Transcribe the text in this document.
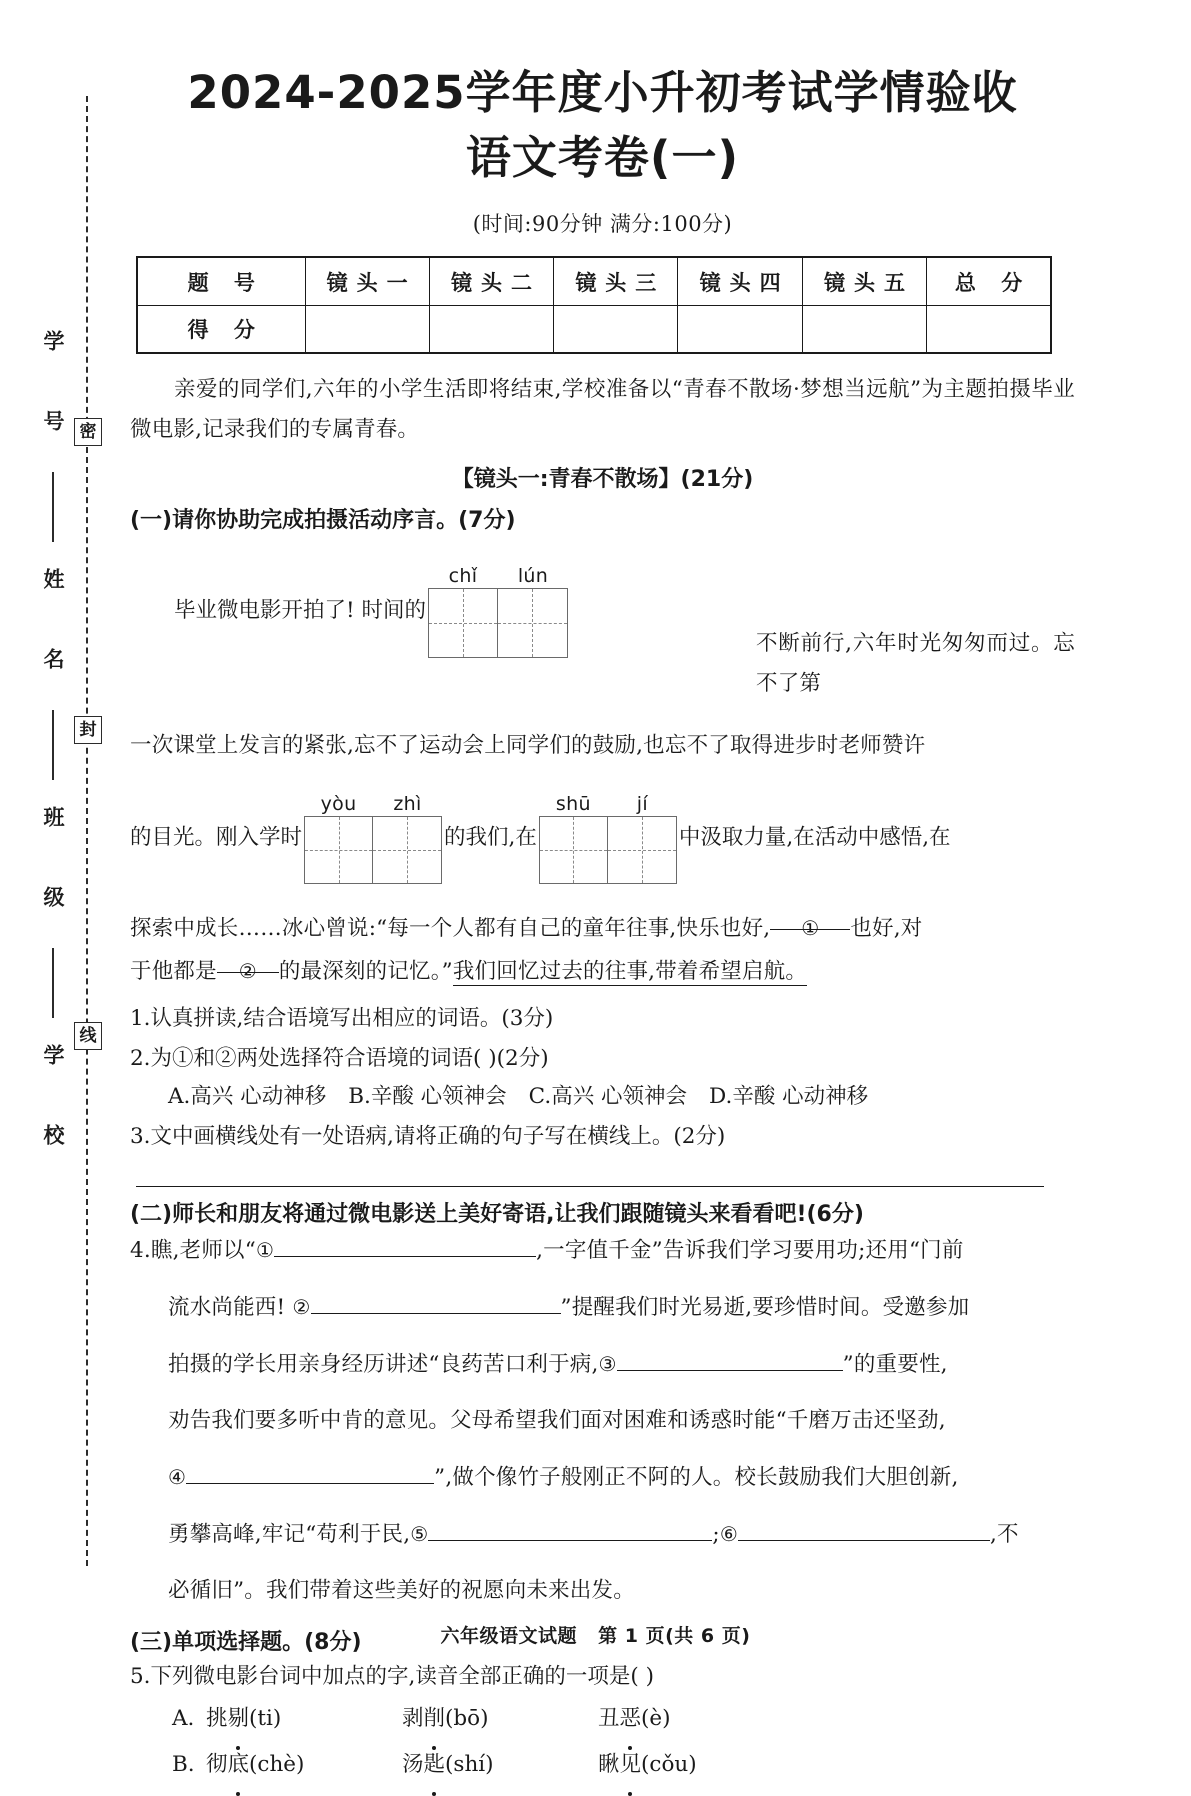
学 号
姓 名
班 级
学 校
密
封
线
2024-2025学年度小升初考试学情验收
语文考卷(一)
(时间:90分钟 满分:100分)
题 号	镜头一	镜头二	镜头三	镜头四	镜头五	总 分
得 分						
亲爱的同学们,六年的小学生活即将结束,学校准备以“青春不散场·梦想当远航”为主题拍摄毕业微电影,记录我们的专属青春。
【镜头一:青春不散场】(21分)
(一)请你协助完成拍摄活动序言。(7分)
毕业微电影开拍了! 时间的
chǐ	lún
不断前行,六年时光匆匆而过。忘不了第
一次课堂上发言的紧张,忘不了运动会上同学们的鼓励,也忘不了取得进步时老师赞许
的目光。刚入学时
yòu	zhì
的我们,在
shū	jí
中汲取力量,在活动中感悟,在
探索中成长……冰心曾说:“每一个人都有自己的童年往事,快乐也好, ① 也好,对
于他都是 ② 的最深刻的记忆。”我们回忆过去的往事,带着希望启航。
1.认真拼读,结合语境写出相应的词语。(3分)
2.为①和②两处选择符合语境的词语( )(2分)
A.高兴 心动神移 B.辛酸 心领神会 C.高兴 心领神会 D.辛酸 心动神移
3.文中画横线处有一处语病,请将正确的句子写在横线上。(2分)
(二)师长和朋友将通过微电影送上美好寄语,让我们跟随镜头来看看吧!(6分)
4.瞧,老师以“①	,一字值千金”告诉我们学习要用功;还用“门前
流水尚能西! ②	”提醒我们时光易逝,要珍惜时间。受邀参加
拍摄的学长用亲身经历讲述“良药苦口利于病,③	”的重要性,
劝告我们要多听中肯的意见。父母希望我们面对困难和诱惑时能“千磨万击还坚劲,
④	”,做个像竹子般刚正不阿的人。校长鼓励我们大胆创新,
勇攀高峰,牢记“苟利于民,⑤	;⑥	,不
必循旧”。我们带着这些美好的祝愿向未来出发。
(三)单项选择题。(8分)
5.下列微电影台词中加点的字,读音全部正确的一项是( )
A. 挑剔(ti)	剥削(bō)	丑恶(è)
B. 彻底(chè)	汤匙(shí)	瞅见(cǒu)
六年级语文试题 第 1 页(共 6 页)
